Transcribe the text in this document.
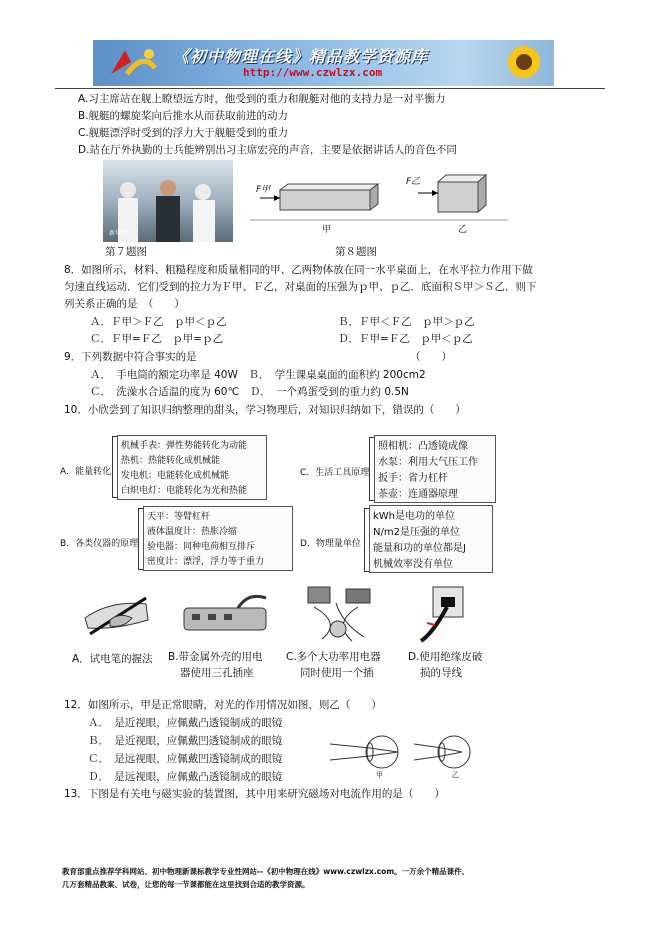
《初中物理在线》精品教学资源库
http://www.czwlzx.com
A.习主席站在舰上瞭望远方时，他受到的重力和舰艇对他的支持力是一对平衡力
B.舰艇的螺旋桨向后推水从而获取前进的动力
C.舰艇漂浮时受到的浮力大于舰艇受到的重力
D.站在厅外执勤的士兵能辨别出习主席宏亮的声音，主要是依据讲话人的音色不同
新华网
F甲
F乙
甲	乙
第７题图	第８题图
8．如图所示，材料、粗糙程度和质量相同的甲、乙两物体放在同一水平桌面上，在水平拉力作用下做
匀速直线运动．它们受到的拉力为Ｆ甲、Ｆ乙，对桌面的压强为ｐ甲、ｐ乙．底面积Ｓ甲＞Ｓ乙．则下
列关系正确的是　（　　）
Ａ．Ｆ甲＞Ｆ乙　ｐ甲＜ｐ乙	Ｂ．Ｆ甲＜Ｆ乙　ｐ甲＞ｐ乙
Ｃ．Ｆ甲=Ｆ乙　ｐ甲=ｐ乙	Ｄ．Ｆ甲=Ｆ乙　ｐ甲＜ｐ乙
9．下列数据中符合事实的是	（　　）
Ａ．　手电筒的额定功率是 40W　Ｂ．　学生课桌桌面的面积约 200cm2
Ｃ．　洗澡水合适温的度为 60℃　Ｄ．　一个鸡蛋受到的重力约 0.5N
10．小欣尝到了知识归纳整理的甜头，学习物理后，对知识归纳如下，错误的（　　）
A．能量转化
机械手表：弹性势能转化为动能
热机：热能转化成机械能
发电机：电能转化成机械能
白炽电灯：电能转化为光和热能
C．生活工具原理
照相机：凸透镜成像
水泵：利用大气压工作
扳手：省力杠杆
茶壶：连通器原理
B．各类仪器的原理
天平：等臂杠杆
液体温度计：热胀冷缩
验电器：同种电荷相互排斥
密度计：漂浮，浮力等于重力
D．物理量单位
kWh是电功的单位
N/m2是压强的单位
能量和功的单位都是J
机械效率没有单位
A．试电笔的握法 B.带金属外壳的用电
器使用三孔插座
C.多个大功率用电器
同时使用一个插
D.使用绝缘皮破
损的导线
12．如图所示，甲是正常眼睛，对光的作用情况如图，则乙（　　）
Ａ．　是近视眼，应佩戴凸透镜制成的眼镜
Ｂ．　是近视眼，应佩戴凹透镜制成的眼镜
Ｃ．　是远视眼，应佩戴凹透镜制成的眼镜
Ｄ．　是远视眼，应佩戴凸透镜制成的眼镜	甲	乙
13．下图是有关电与磁实验的装置图，其中用来研究磁场对电流作用的是（　　）
教育部重点推荐学科网站、初中物理新课标教学专业性网站--《初中物理在线》www.czwlzx.com。一万余个精品课件、
几万套精品教案、试卷，让您的每一节课都能在这里找到合适的教学资源。
